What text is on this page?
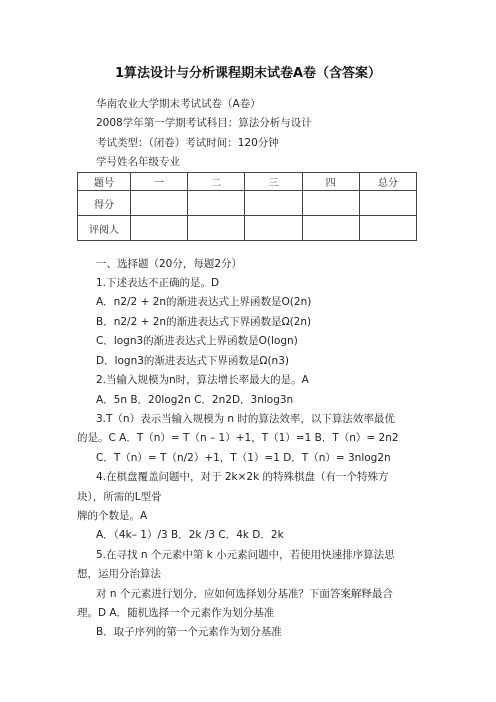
1算法设计与分析课程期末试卷A卷（含答案）
华南农业大学期末考试试卷（A卷）
2008学年第一学期考试科目：算法分析与设计
考试类型：（闭卷）考试时间：120分钟
学号姓名年级专业
题号	一	二	三	四	总分
得分					
评阅人					
一、选择题（20分，每题2分）
1.下述表达不正确的是。D
A．n2/2 + 2n的渐进表达式上界函数是O(2n)
B．n2/2 + 2n的渐进表达式下界函数是Ω(2n)
C．logn3的渐进表达式上界函数是O(logn)
D．logn3的渐进表达式下界函数是Ω(n3)
2.当输入规模为n时，算法增长率最大的是。A
A．5n B．20log2n C．2n2D．3nlog3n
3.T（n）表示当输入规模为 n 时的算法效率，以下算法效率最优
的是。C A．T（n）= T（n – 1）+1，T（1）=1 B．T（n）= 2n2
C．T（n）= T（n/2）+1，T（1）=1 D．T（n）= 3nlog2n
4.在棋盘覆盖问题中，对于 2k×2k 的特殊棋盘（有一个特殊方
块），所需的L型骨
牌的个数是。A
A．（4k– 1）/3 B．2k /3 C．4k D．2k
5.在寻找 n 个元素中第 k 小元素问题中，若使用快速排序算法思
想，运用分治算法
对 n 个元素进行划分，应如何选择划分基准？下面答案解释最合
理。D A．随机选择一个元素作为划分基准
B．取子序列的第一个元素作为划分基准
